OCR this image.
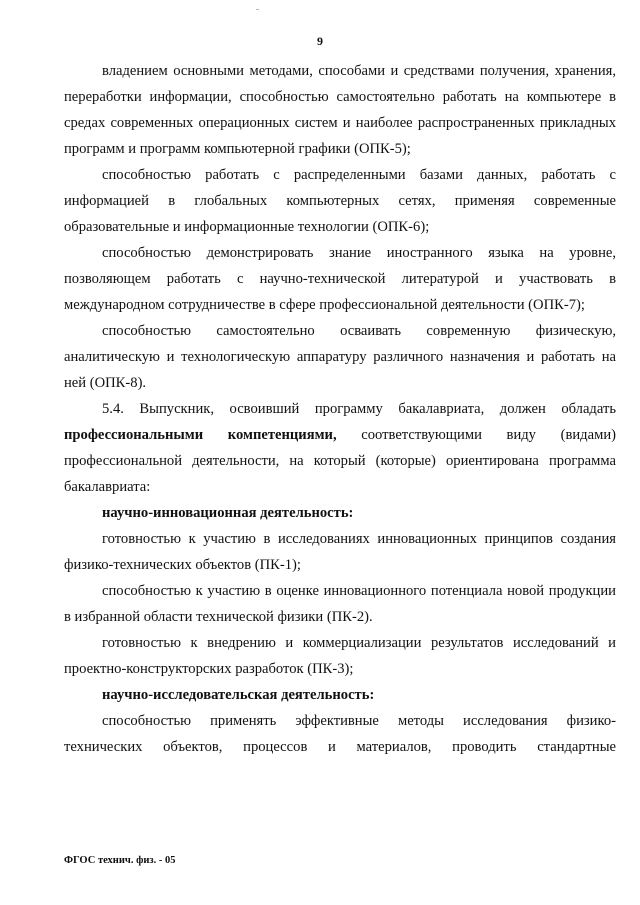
9

владением основными методами, способами и средствами получения, хранения, переработки информации, способностью самостоятельно работать на компьютере в средах современных операционных систем и наиболее распространенных прикладных программ и программ компьютерной графики (ОПК-5);

способностью работать с распределенными базами данных, работать с информацией в глобальных компьютерных сетях, применяя современные образовательные и информационные технологии (ОПК-6);

способностью демонстрировать знание иностранного языка на уровне, позволяющем работать с научно-технической литературой и участвовать в международном сотрудничестве в сфере профессиональной деятельности (ОПК-7);

способностью самостоятельно осваивать современную физическую, аналитическую и технологическую аппаратуру различного назначения и работать на ней (ОПК-8).

5.4. Выпускник, освоивший программу бакалавриата, должен обладать профессиональными компетенциями, соответствующими виду (видами) профессиональной деятельности, на который (которые) ориентирована программа бакалавриата:

научно-инновационная деятельность:

готовностью к участию в исследованиях инновационных принципов создания физико-технических объектов (ПК-1);

способностью к участию в оценке инновационного потенциала новой продукции в избранной области технической физики (ПК-2).

готовностью к внедрению и коммерциализации результатов исследований и проектно-конструкторских разработок (ПК-3);

научно-исследовательская деятельность:

способностью применять эффективные методы исследования физико-технических объектов, процессов и материалов, проводить стандартные

ФГОС технич. физ. - 05
